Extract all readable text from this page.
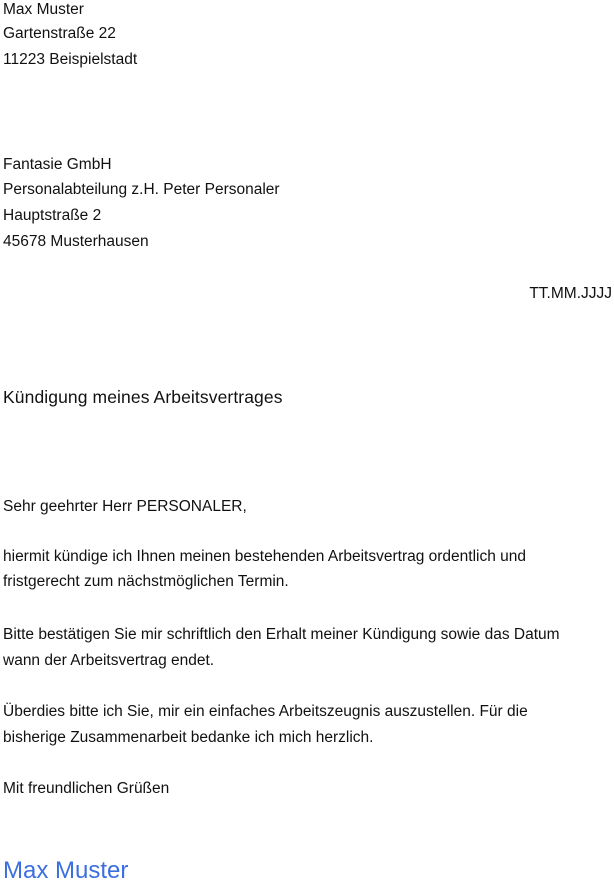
Max Muster
Gartenstraße 22
11223 Beispielstadt
Fantasie GmbH
Personalabteilung z.H. Peter Personaler
Hauptstraße 2
45678 Musterhausen
TT.MM.JJJJ
Kündigung meines Arbeitsvertrages
Sehr geehrter Herr PERSONALER,
hiermit kündige ich Ihnen meinen bestehenden Arbeitsvertrag ordentlich und
fristgerecht zum nächstmöglichen Termin.
Bitte bestätigen Sie mir schriftlich den Erhalt meiner Kündigung sowie das Datum
wann der Arbeitsvertrag endet.
Überdies bitte ich Sie, mir ein einfaches Arbeitszeugnis auszustellen. Für die
bisherige Zusammenarbeit bedanke ich mich herzlich.
Mit freundlichen Grüßen
Max Muster
